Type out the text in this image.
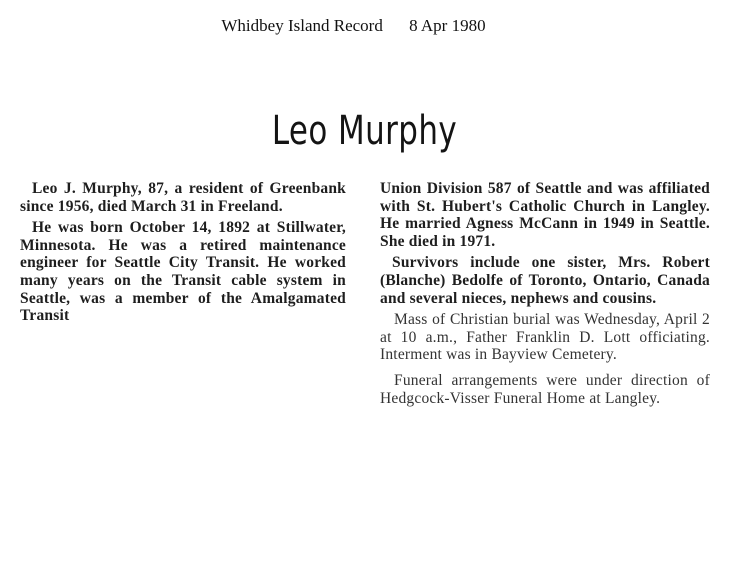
Whidbey Island Record 8 Apr 1980
Leo Murphy

Leo J. Murphy, 87, a resident of Greenbank since 1956, died March 31 in Freeland.

He was born October 14, 1892 at Stillwater, Minnesota. He was a retired maintenance engineer for Seattle City Transit. He worked many years on the Transit cable system in Seattle, was a member of the Amalgamated Transit

Union Division 587 of Seattle and was affiliated with St. Hubert's Catholic Church in Langley. He married Agness McCann in 1949 in Seattle. She died in 1971.

Survivors include one sister, Mrs. Robert (Blanche) Bedolfe of Toronto, Ontario, Canada and several nieces, nephews and cousins.

Mass of Christian burial was Wednesday, April 2 at 10 a.m., Father Franklin D. Lott officiating. Interment was in Bayview Cemetery.

Funeral arrangements were under direction of Hedgcock-Visser Funeral Home at Langley.
